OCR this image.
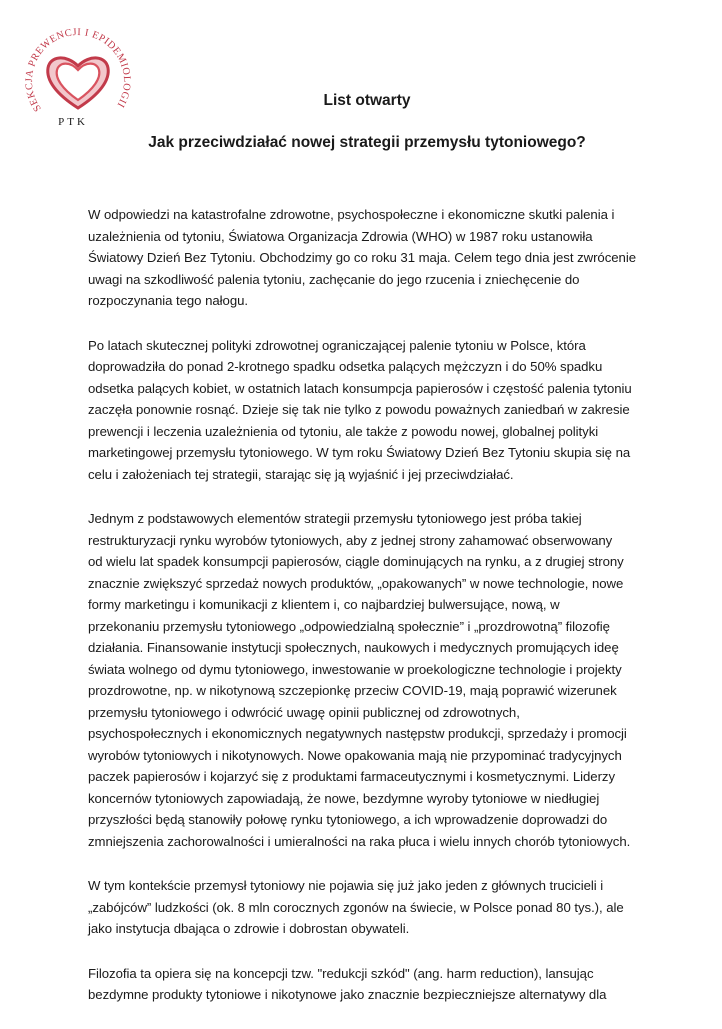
SEKCJA PREWENCJI I EPIDEMIOLOGII
PTK
List otwarty
Jak przeciwdziałać nowej strategii przemysłu tytoniowego?

W odpowiedzi na katastrofalne zdrowotne, psychospołeczne i ekonomiczne skutki palenia i
uzależnienia od tytoniu, Światowa Organizacja Zdrowia (WHO) w 1987 roku ustanowiła
Światowy Dzień Bez Tytoniu. Obchodzimy go co roku 31 maja. Celem tego dnia jest zwrócenie
uwagi na szkodliwość palenia tytoniu, zachęcanie do jego rzucenia i zniechęcenie do
rozpoczynania tego nałogu.

Po latach skutecznej polityki zdrowotnej ograniczającej palenie tytoniu w Polsce, która
doprowadziła do ponad 2-krotnego spadku odsetka palących mężczyzn i do 50% spadku
odsetka palących kobiet, w ostatnich latach konsumpcja papierosów i częstość palenia tytoniu
zaczęła ponownie rosnąć. Dzieje się tak nie tylko z powodu poważnych zaniedbań w zakresie
prewencji i leczenia uzależnienia od tytoniu, ale także z powodu nowej, globalnej polityki
marketingowej przemysłu tytoniowego. W tym roku Światowy Dzień Bez Tytoniu skupia się na
celu i założeniach tej strategii, starając się ją wyjaśnić i jej przeciwdziałać.

Jednym z podstawowych elementów strategii przemysłu tytoniowego jest próba takiej
restrukturyzacji rynku wyrobów tytoniowych, aby z jednej strony zahamować obserwowany
od wielu lat spadek konsumpcji papierosów, ciągle dominujących na rynku, a z drugiej strony
znacznie zwiększyć sprzedaż nowych produktów, „opakowanych” w nowe technologie, nowe
formy marketingu i komunikacji z klientem i, co najbardziej bulwersujące, nową, w
przekonaniu przemysłu tytoniowego „odpowiedzialną społecznie” i „prozdrowotną” filozofię
działania. Finansowanie instytucji społecznych, naukowych i medycznych promujących ideę
świata wolnego od dymu tytoniowego, inwestowanie w proekologiczne technologie i projekty
prozdrowotne, np. w nikotynową szczepionkę przeciw COVID-19, mają poprawić wizerunek
przemysłu tytoniowego i odwrócić uwagę opinii publicznej od zdrowotnych,
psychospołecznych i ekonomicznych negatywnych następstw produkcji, sprzedaży i promocji
wyrobów tytoniowych i nikotynowych. Nowe opakowania mają nie przypominać tradycyjnych
paczek papierosów i kojarzyć się z produktami farmaceutycznymi i kosmetycznymi. Liderzy
koncernów tytoniowych zapowiadają, że nowe, bezdymne wyroby tytoniowe w niedługiej
przyszłości będą stanowiły połowę rynku tytoniowego, a ich wprowadzenie doprowadzi do
zmniejszenia zachorowalności i umieralności na raka płuca i wielu innych chorób tytoniowych.

W tym kontekście przemysł tytoniowy nie pojawia się już jako jeden z głównych trucicieli i
„zabójców” ludzkości (ok. 8 mln corocznych zgonów na świecie, w Polsce ponad 80 tys.), ale
jako instytucja dbająca o zdrowie i dobrostan obywateli.

Filozofia ta opiera się na koncepcji tzw. "redukcji szkód" (ang. harm reduction), lansując
bezdymne produkty tytoniowe i nikotynowe jako znacznie bezpieczniejsze alternatywy dla
